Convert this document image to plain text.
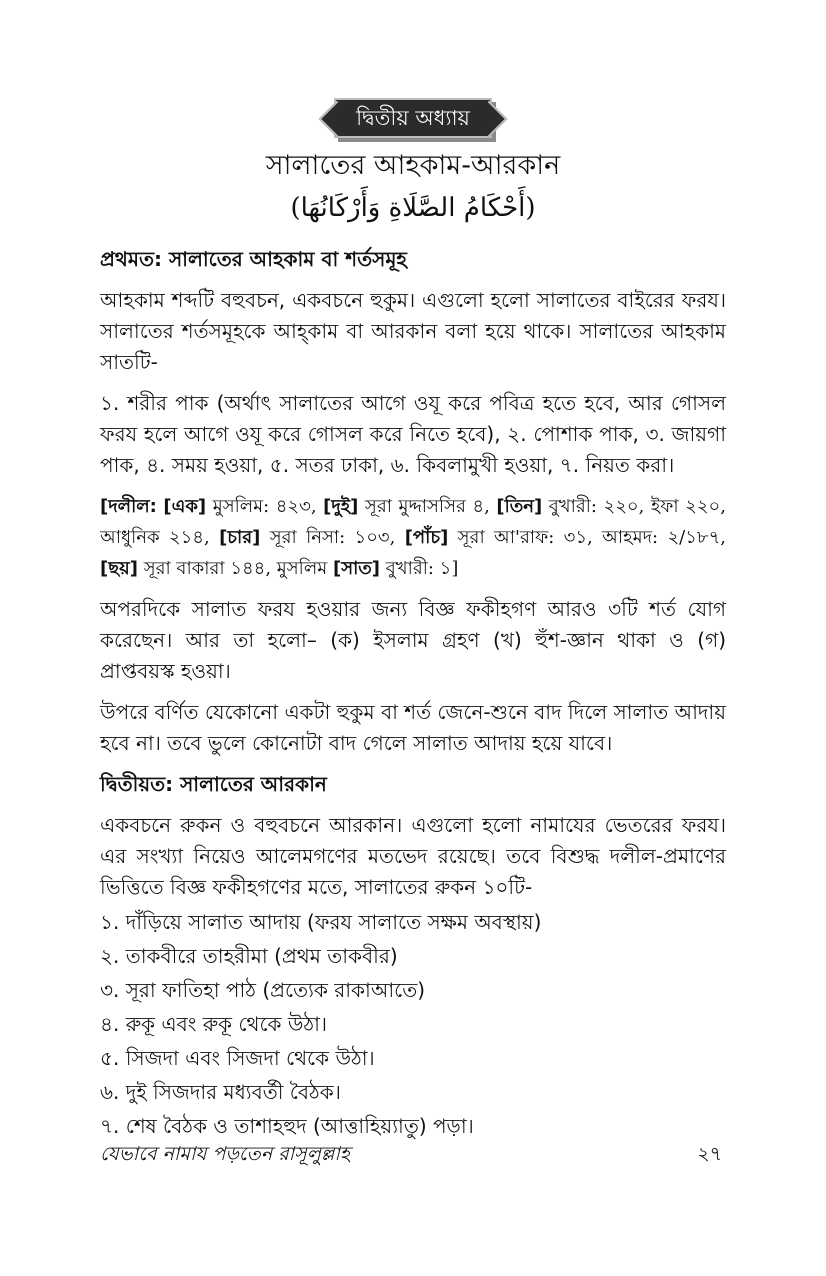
দ্বিতীয় অধ্যায়
সালাতের আহকাম-আরকান
(أَحْكَامُ الصَّلَاةِ وَأَرْكَانُهَا)
প্রথমত: সালাতের আহকাম বা শর্তসমূহ
আহকাম শব্দটি বহুবচন, একবচনে হুকুম। এগুলো হলো সালাতের বাইরের ফরয। সালাতের শর্তসমূহকে আহ্কাম বা আরকান বলা হয়ে থাকে। সালাতের আহকাম সাতটি-
১. শরীর পাক (অর্থাৎ সালাতের আগে ওযূ করে পবিত্র হতে হবে, আর গোসল ফরয হলে আগে ওযূ করে গোসল করে নিতে হবে), ২. পোশাক পাক, ৩. জায়গা পাক, ৪. সময় হওয়া, ৫. সতর ঢাকা, ৬. কিবলামুখী হওয়া, ৭. নিয়ত করা।
[দলীল: [এক] মুসলিম: ৪২৩, [দুই] সূরা মুদ্দাসসির ৪, [তিন] বুখারী: ২২০, ইফা ২২০, আধুনিক ২১৪, [চার] সূরা নিসা: ১০৩, [পাঁচ] সূরা আ'রাফ: ৩১, আহমদ: ২/১৮৭, [ছয়] সূরা বাকারা ১৪৪, মুসলিম [সাত] বুখারী: ১]
অপরদিকে সালাত ফরয হওয়ার জন্য বিজ্ঞ ফকীহগণ আরও ৩টি শর্ত যোগ করেছেন। আর তা হলো– (ক) ইসলাম গ্রহণ (খ) হুঁশ-জ্ঞান থাকা ও (গ) প্রাপ্তবয়স্ক হওয়া।
উপরে বর্ণিত যেকোনো একটা হুকুম বা শর্ত জেনে-শুনে বাদ দিলে সালাত আদায় হবে না। তবে ভুলে কোনোটা বাদ গেলে সালাত আদায় হয়ে যাবে।
দ্বিতীয়ত: সালাতের আরকান
একবচনে রুকন ও বহুবচনে আরকান। এগুলো হলো নামাযের ভেতরের ফরয। এর সংখ্যা নিয়েও আলেমগণের মতভেদ রয়েছে। তবে বিশুদ্ধ দলীল-প্রমাণের ভিত্তিতে বিজ্ঞ ফকীহগণের মতে, সালাতের রুকন ১০টি-
১. দাঁড়িয়ে সালাত আদায় (ফরয সালাতে সক্ষম অবস্থায়)
২. তাকবীরে তাহরীমা (প্রথম তাকবীর)
৩. সূরা ফাতিহা পাঠ (প্রত্যেক রাকাআতে)
৪. রুকূ এবং রুকূ থেকে উঠা।
৫. সিজদা এবং সিজদা থেকে উঠা।
৬. দুই সিজদার মধ্যবর্তী বৈঠক।
৭. শেষ বৈঠক ও তাশাহহুদ (আত্তাহিয়্যাতু) পড়া।
যেভাবে নামায পড়তেন রাসূলুল্লাহ	২৭
